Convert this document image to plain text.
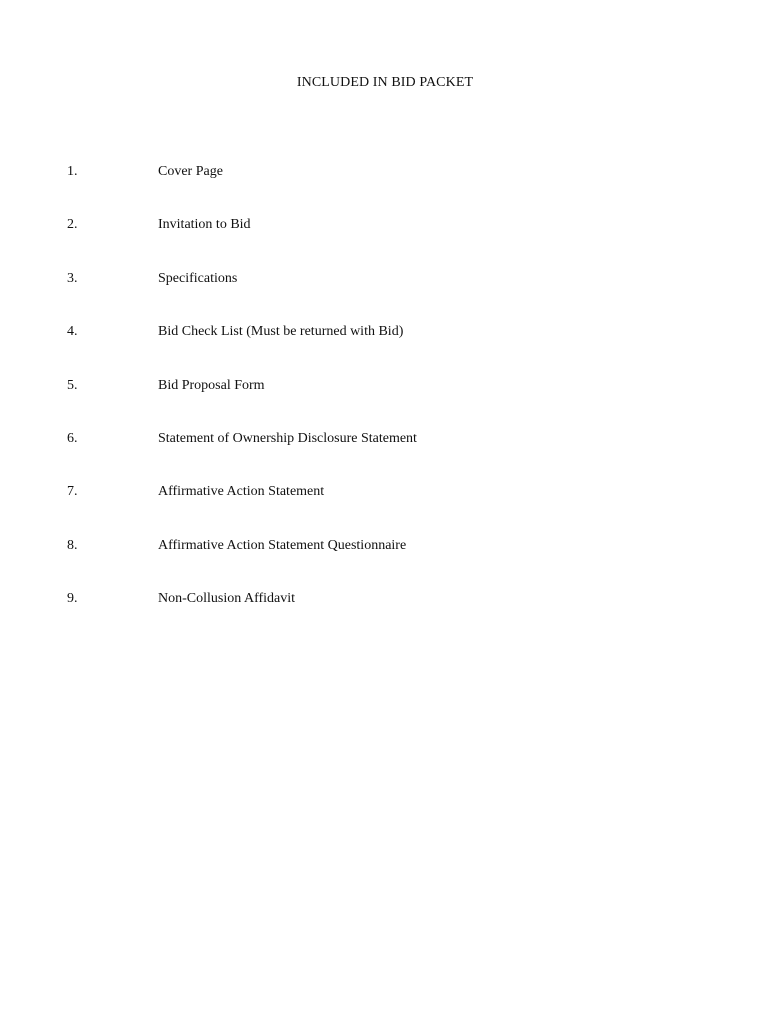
INCLUDED IN BID PACKET
1.	Cover Page
2.	Invitation to Bid
3.	Specifications
4.	Bid Check List (Must be returned with Bid)
5.	Bid Proposal Form
6.	Statement of Ownership Disclosure Statement
7.	Affirmative Action Statement
8.	Affirmative Action Statement Questionnaire
9.	Non-Collusion Affidavit
